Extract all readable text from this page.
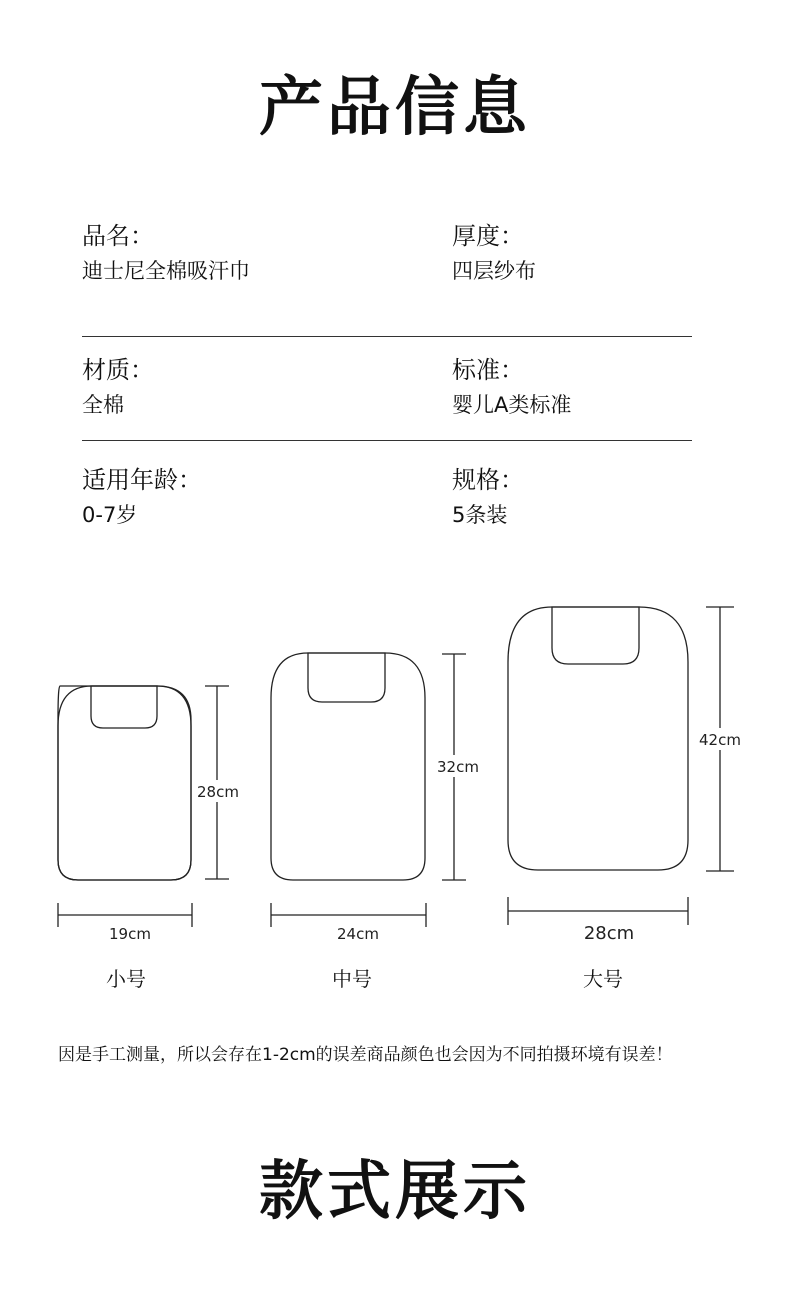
产品信息
品名：
迪士尼全棉吸汗巾
厚度：
四层纱布
材质：
全棉
标准：
婴儿A类标准
适用年龄：
0-7岁
规格：
5条装
28cm
32cm
42cm
19cm	24cm	28cm
小号	中号	大号
因是手工测量，所以会存在1-2cm的误差商品颜色也会因为不同拍摄环境有误差！
款式展示
